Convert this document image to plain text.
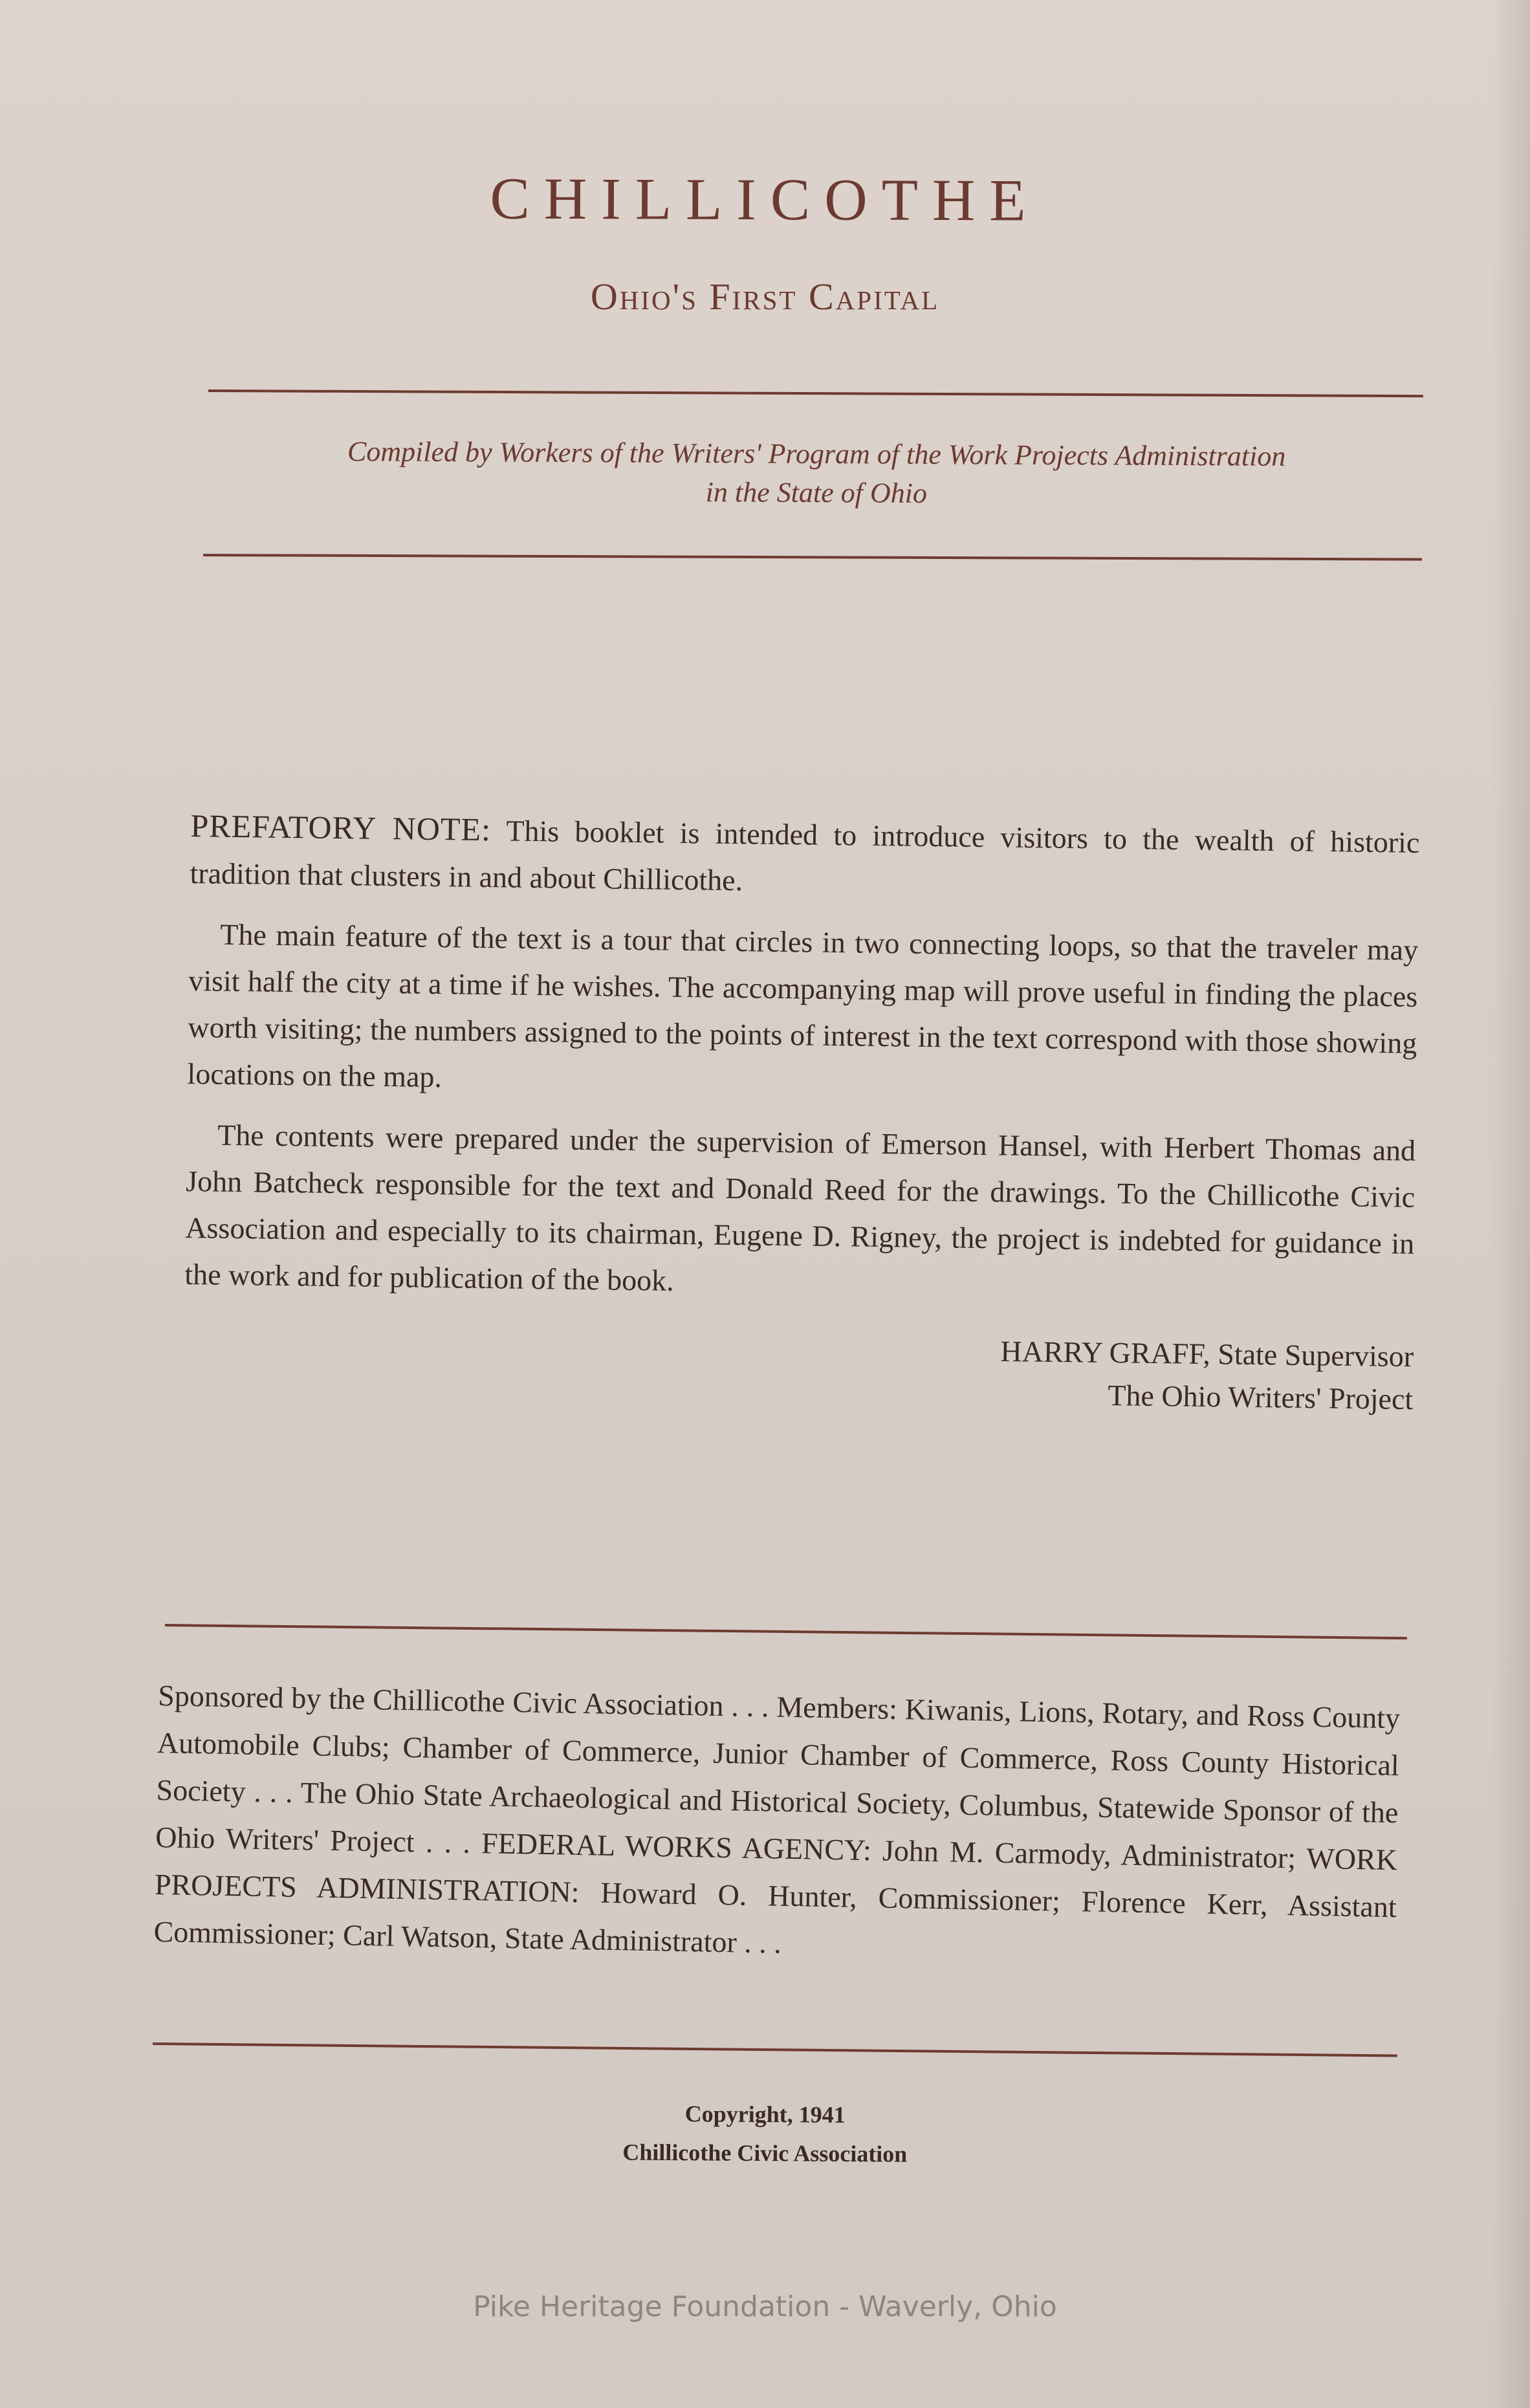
CHILLICOTHE
Ohio's First Capital
Compiled by Workers of the Writers' Program of the Work Projects Administration
in the State of Ohio

PREFATORY NOTE: This booklet is intended to introduce visitors to the wealth of historic tradition that clusters in and about Chillicothe.

The main feature of the text is a tour that circles in two connecting loops, so that the traveler may visit half the city at a time if he wishes. The accompanying map will prove useful in finding the places worth visiting; the numbers assigned to the points of interest in the text correspond with those showing locations on the map.

The contents were prepared under the supervision of Emerson Hansel, with Herbert Thomas and John Batcheck responsible for the text and Donald Reed for the drawings. To the Chillicothe Civic Association and especially to its chairman, Eugene D. Rigney, the project is indebted for guidance in the work and for publication of the book.

HARRY GRAFF, State Supervisor
The Ohio Writers' Project
Sponsored by the Chillicothe Civic Association . . . Members: Kiwanis, Lions, Rotary, and Ross County Automobile Clubs; Chamber of Commerce, Junior Chamber of Commerce, Ross County Historical Society . . . The Ohio State Archaeological and Historical Society, Columbus, Statewide Sponsor of the Ohio Writers' Project . . . FEDERAL WORKS AGENCY: John M. Carmody, Administrator; WORK PROJECTS ADMINISTRATION: Howard O. Hunter, Commissioner; Florence Kerr, Assistant Commissioner; Carl Watson, State Administrator . . .
Copyright, 1941
Chillicothe Civic Association
Pike Heritage Foundation - Waverly, Ohio
